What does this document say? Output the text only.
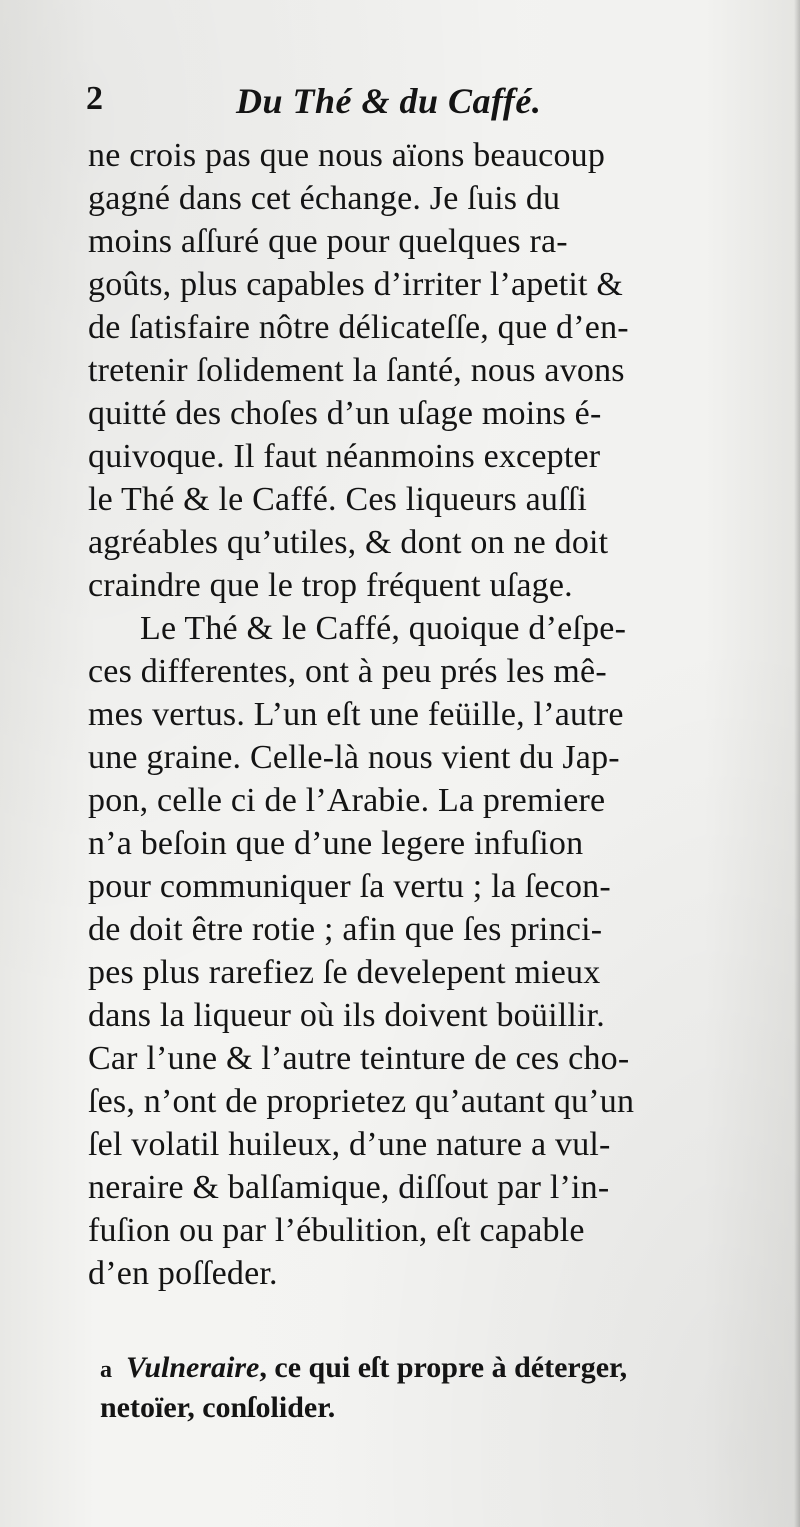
2	Du Thé & du Caffé.
ne crois pas que nous aïons beaucoup
gagné dans cet échange. Je ſuis du
moins aſſuré que pour quelques ra-
goûts, plus capables d’irriter l’apetit &
de ſatisfaire nôtre délicateſſe, que d’en-
tretenir ſolidement la ſanté, nous avons
quitté des choſes d’un uſage moins é-
quivoque. Il faut néanmoins excepter
le Thé & le Caffé. Ces liqueurs auſſi
agréables qu’utiles, & dont on ne doit
craindre que le trop fréquent uſage.
Le Thé & le Caffé, quoique d’eſpe-
ces differentes, ont à peu prés les mê-
mes vertus. L’un eſt une feüille, l’autre
une graine. Celle-là nous vient du Jap-
pon, celle ci de l’Arabie. La premiere
n’a beſoin que d’une legere infuſion
pour communiquer ſa vertu ; la ſecon-
de doit être rotie ; afin que ſes princi-
pes plus rarefiez ſe develepent mieux
dans la liqueur où ils doivent boüillir.
Car l’une & l’autre teinture de ces cho-
ſes, n’ont de proprietez qu’autant qu’un
ſel volatil huileux, d’une nature a vul-
neraire & balſamique, diſſout par l’in-
fuſion ou par l’ébulition, eſt capable
d’en poſſeder.
a Vulneraire, ce qui eſt propre à déterger,
netoïer, conſolider.
